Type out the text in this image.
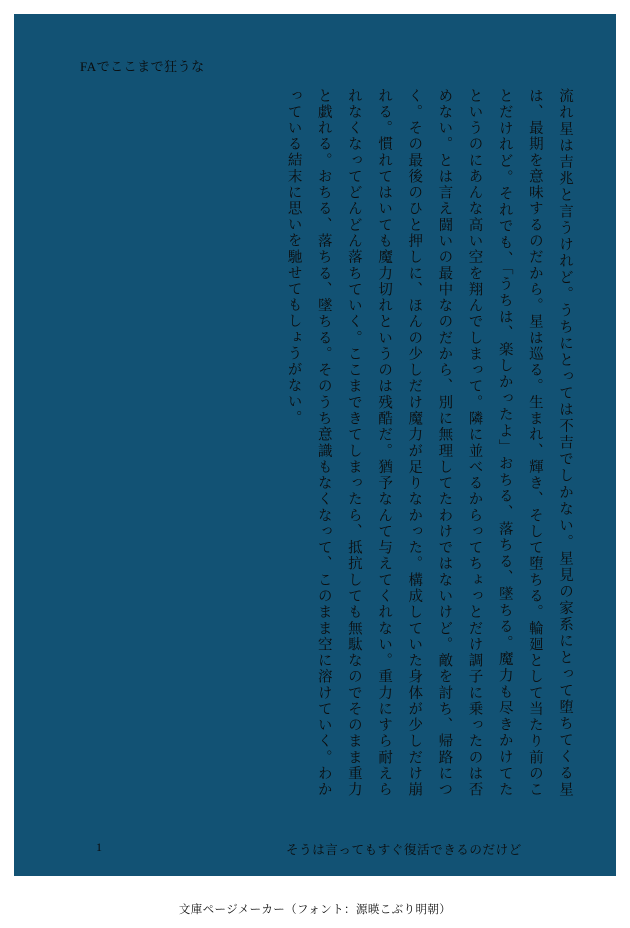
FAでここまで狂うな

流れ星は吉兆と言うけれど。うちにとっては不吉でしかない。星見の家系にとって堕ちてくる星は、最期を意味するのだから。星は巡る。生まれ、輝き、そして堕ちる。輪廻として当たり前のことだけれど。それでも、「うちは、楽しかったよ」おちる、落ちる、墜ちる。魔力も尽きかけてたというのにあんな高い空を翔んでしまって。隣に並べるからってちょっとだけ調子に乗ったのは否めない。とは言え闘いの最中なのだから、別に無理してたわけではないけど。敵を討ち、帰路につく。その最後のひと押しに、ほんの少しだけ魔力が足りなかった。構成していた身体が少しだけ崩れる。慣れてはいても魔力切れというのは残酷だ。猶予なんて与えてくれない。重力にすら耐えられなくなってどんどん落ちていく。ここまできてしまったら、抵抗しても無駄なのでそのまま重力と戯れる。おちる、落ちる、墜ちる。そのうち意識もなくなって、このまま空に溶けていく。わかっている結末に思いを馳せてもしょうがない。

1	そうは言ってもすぐ復活できるのだけど
文庫ページメーカー（フォント：源暎こぶり明朝）
